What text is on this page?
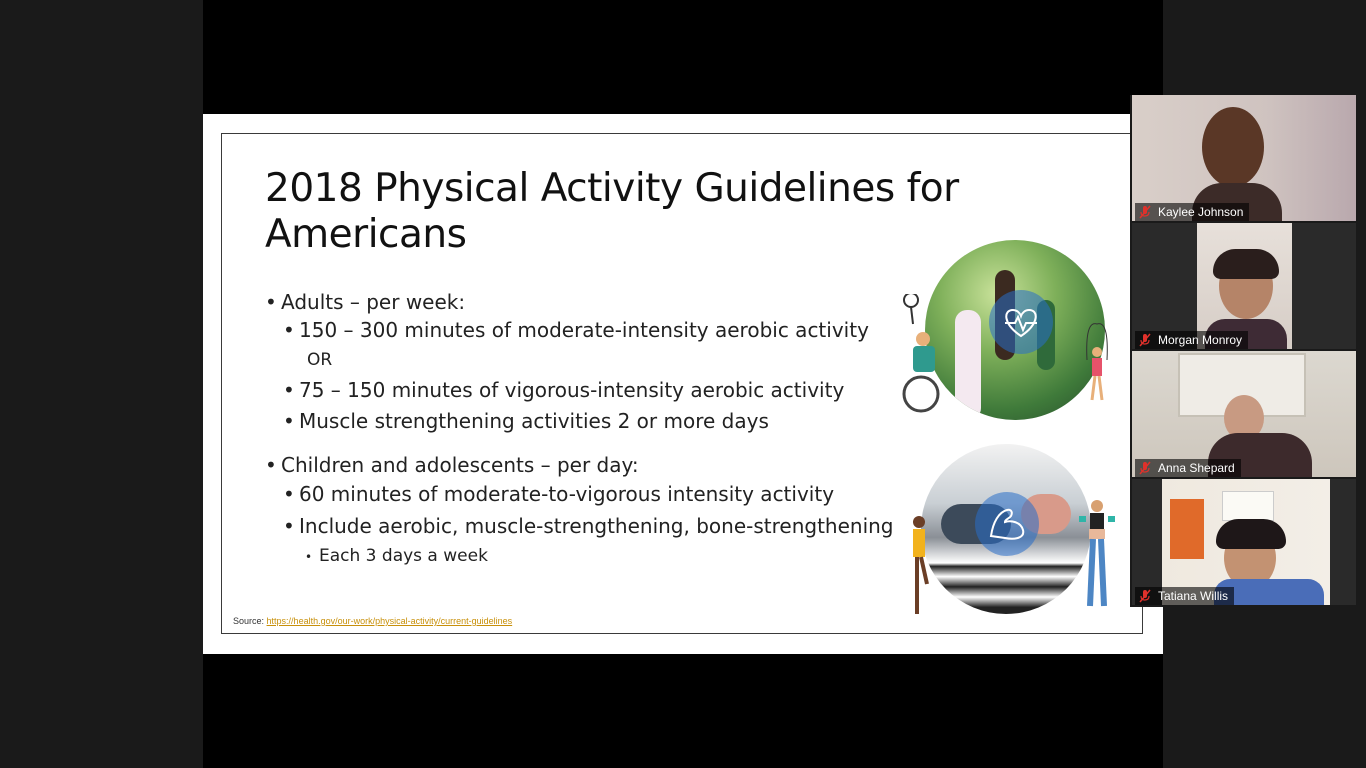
2018 Physical Activity Guidelines for
Americans
• Adults – per week:
• 150 – 300 minutes of moderate-intensity aerobic activity
OR
• 75 – 150 minutes of vigorous-intensity aerobic activity
• Muscle strengthening activities 2 or more days
• Children and adolescents – per day:
• 60 minutes of moderate-to-vigorous intensity activity
• Include aerobic, muscle-strengthening, bone-strengthening
• Each 3 days a week
Source: https://health.gov/our-work/physical-activity/current-guidelines
Kaylee Johnson
Morgan Monroy
Anna Shepard
Tatiana Willis
